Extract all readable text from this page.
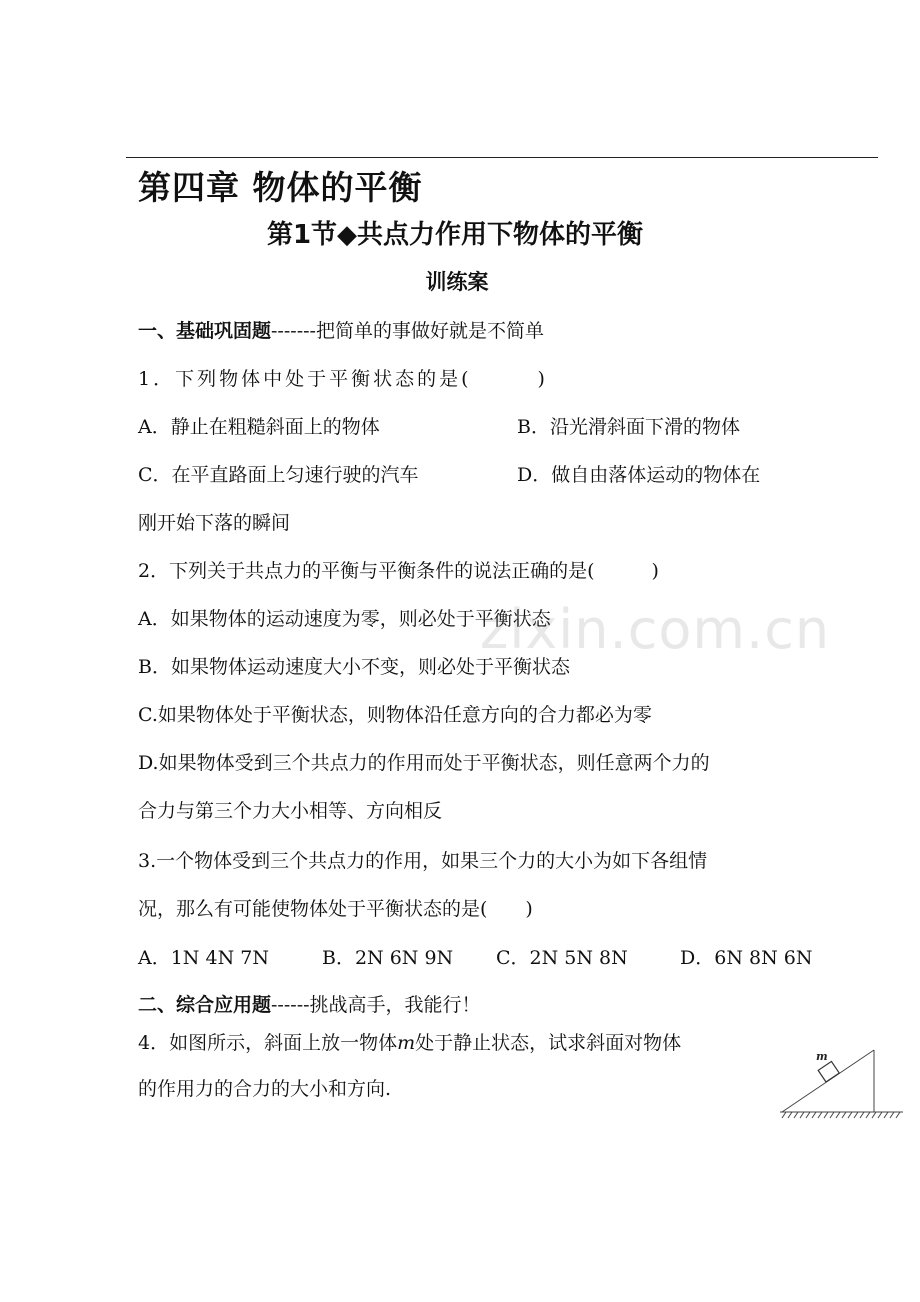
zixin.com.cn
第四章 物体的平衡
第1节◆共点力作用下物体的平衡
训练案
一、基础巩固题-------把简单的事做好就是不简单
1．下列物体中处于平衡状态的是(　　　)
A．静止在粗糙斜面上的物体	B．沿光滑斜面下滑的物体
C．在平直路面上匀速行驶的汽车	D．做自由落体运动的物体在
刚开始下落的瞬间
2．下列关于共点力的平衡与平衡条件的说法正确的是(　　　)
A．如果物体的运动速度为零，则必处于平衡状态
B．如果物体运动速度大小不变，则必处于平衡状态
C.如果物体处于平衡状态，则物体沿任意方向的合力都必为零
D.如果物体受到三个共点力的作用而处于平衡状态，则任意两个力的
合力与第三个力大小相等、方向相反
3.一个物体受到三个共点力的作用，如果三个力的大小为如下各组情
况，那么有可能使物体处于平衡状态的是(　　)
A．1N 4N 7N	B．2N 6N 9N C．2N 5N 8N	D．6N 8N 6N
二、综合应用题------挑战高手，我能行！
4．如图所示，斜面上放一物体m处于静止状态，试求斜面对物体
的作用力的合力的大小和方向.
m
